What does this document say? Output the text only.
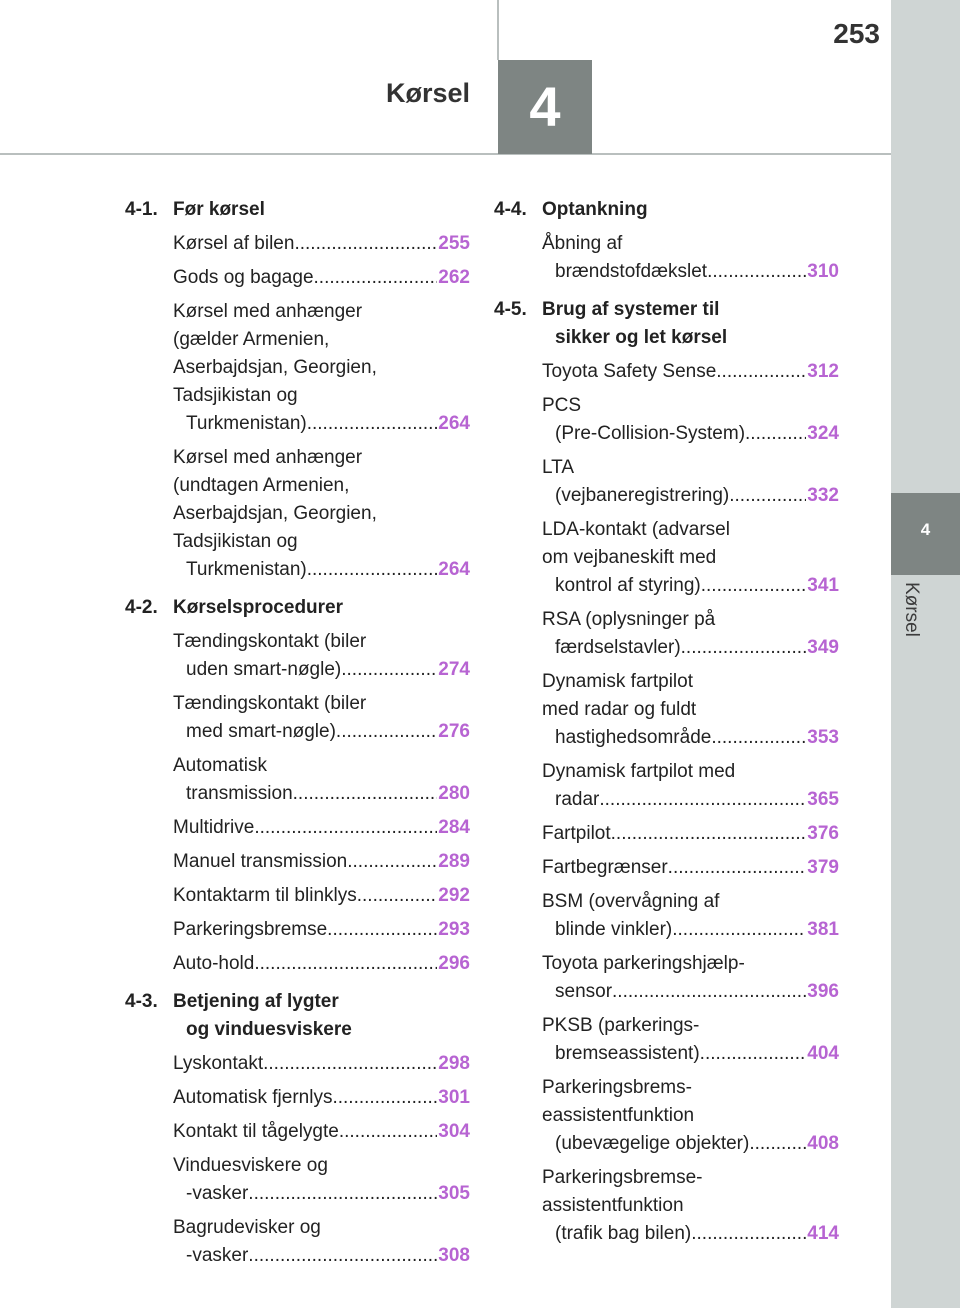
4
Kørsel
4
253
Kørsel
4-1. Før kørsel
Kørsel af bilen .....	255
Gods og bagage .....	262
Kørsel med anhænger
(gælder Armenien,
Aserbajdsjan, Georgien,
Tadsjikistan og
Turkmenistan) .....	264
Kørsel med anhænger
(undtagen Armenien,
Aserbajdsjan, Georgien,
Tadsjikistan og
Turkmenistan) .....	264
4-2. Kørselsprocedurer
Tændingskontakt (biler
uden smart-nøgle) .....	274
Tændingskontakt (biler
med smart-nøgle) .....	276
Automatisk
transmission .....	280
Multidrive .....	284
Manuel transmission .....	289
Kontaktarm til blinklys .....	292
Parkeringsbremse .....	293
Auto-hold .....	296
4-3. Betjening af lygter
og vinduesviskere
Lyskontakt .....	298
Automatisk fjernlys .....	301
Kontakt til tågelygte .....	304
Vinduesviskere og
-vasker .....	305
Bagrudevisker og
-vasker .....	308
4-4. Optankning
Åbning af
brændstofdækslet .....	310
4-5. Brug af systemer til
sikker og let kørsel
Toyota Safety Sense .....	312
PCS
(Pre-Collision-System) .....	324
LTA
(vejbaneregistrering) .....	332
LDA-kontakt (advarsel
om vejbaneskift med
kontrol af styring) .....	341
RSA (oplysninger på
færdselstavler) .....	349
Dynamisk fartpilot
med radar og fuldt
hastighedsområde .....	353
Dynamisk fartpilot med
radar .....	365
Fartpilot .....	376
Fartbegrænser .....	379
BSM (overvågning af
blinde vinkler) .....	381
Toyota parkeringshjælp-
sensor .....	396
PKSB (parkerings-
bremseassistent) .....	404
Parkeringsbrems-
eassistentfunktion
(ubevægelige objekter) .....	408
Parkeringsbremse-
assistentfunktion
(trafik bag bilen) .....	414
